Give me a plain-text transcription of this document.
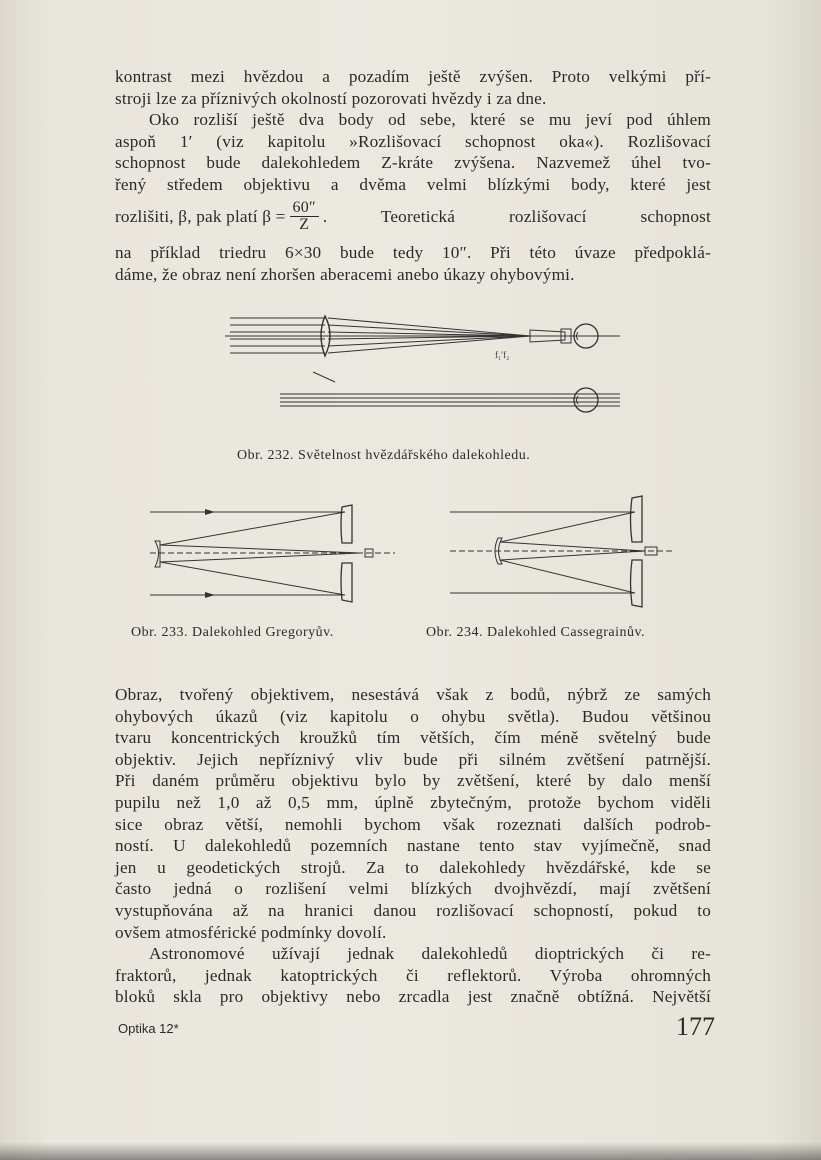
kontrast mezi hvězdou a pozadím ještě zvýšen. Proto velkými pří-
stroji lze za příznivých okolností pozorovati hvězdy i za dne.
Oko rozliší ještě dva body od sebe, které se mu jeví pod úhlem
aspoň 1′ (viz kapitolu »Rozlišovací schopnost oka«). Rozlišovací
schopnost bude dalekohledem Z-kráte zvýšena. Nazvemež úhel tvo-
řený středem objektivu a dvěma velmi blízkými body, které jest
rozlišiti, β, pak platí $\beta = \frac{60''}{Z}$ . Teoretická rozlišovací schopnost
na příklad triedru 6×30 bude tedy 10″. Při této úvaze předpoklá-
dáme, že obraz není zhoršen aberacemi anebo úkazy ohybovými.
f₁′f₂
Obr. 232. Světelnost hvězdářského dalekohledu.
Obr. 233. Dalekohled Gregoryův.	Obr. 234. Dalekohled Cassegrainův.
Obraz, tvořený objektivem, nesestává však z bodů, nýbrž ze samých
ohybových úkazů (viz kapitolu o ohybu světla). Budou většinou
tvaru koncentrických kroužků tím větších, čím méně světelný bude
objektiv. Jejich nepříznivý vliv bude při silném zvětšení patrnější.
Při daném průměru objektivu bylo by zvětšení, které by dalo menší
pupilu než 1,0 až 0,5 mm, úplně zbytečným, protože bychom viděli
sice obraz větší, nemohli bychom však rozeznati dalších podrob-
ností. U dalekohledů pozemních nastane tento stav vyjímečně, snad
jen u geodetických strojů. Za to dalekohledy hvězdářské, kde se
často jedná o rozlišení velmi blízkých dvojhvězdí, mají zvětšení
vystupňována až na hranici danou rozlišovací schopností, pokud to
ovšem atmosférické podmínky dovolí.
Astronomové užívají jednak dalekohledů dioptrických či re-
fraktorů, jednak katoptrických či reflektorů. Výroba ohromných
bloků skla pro objektivy nebo zrcadla jest značně obtížná. Největší
Optika 12*	177
